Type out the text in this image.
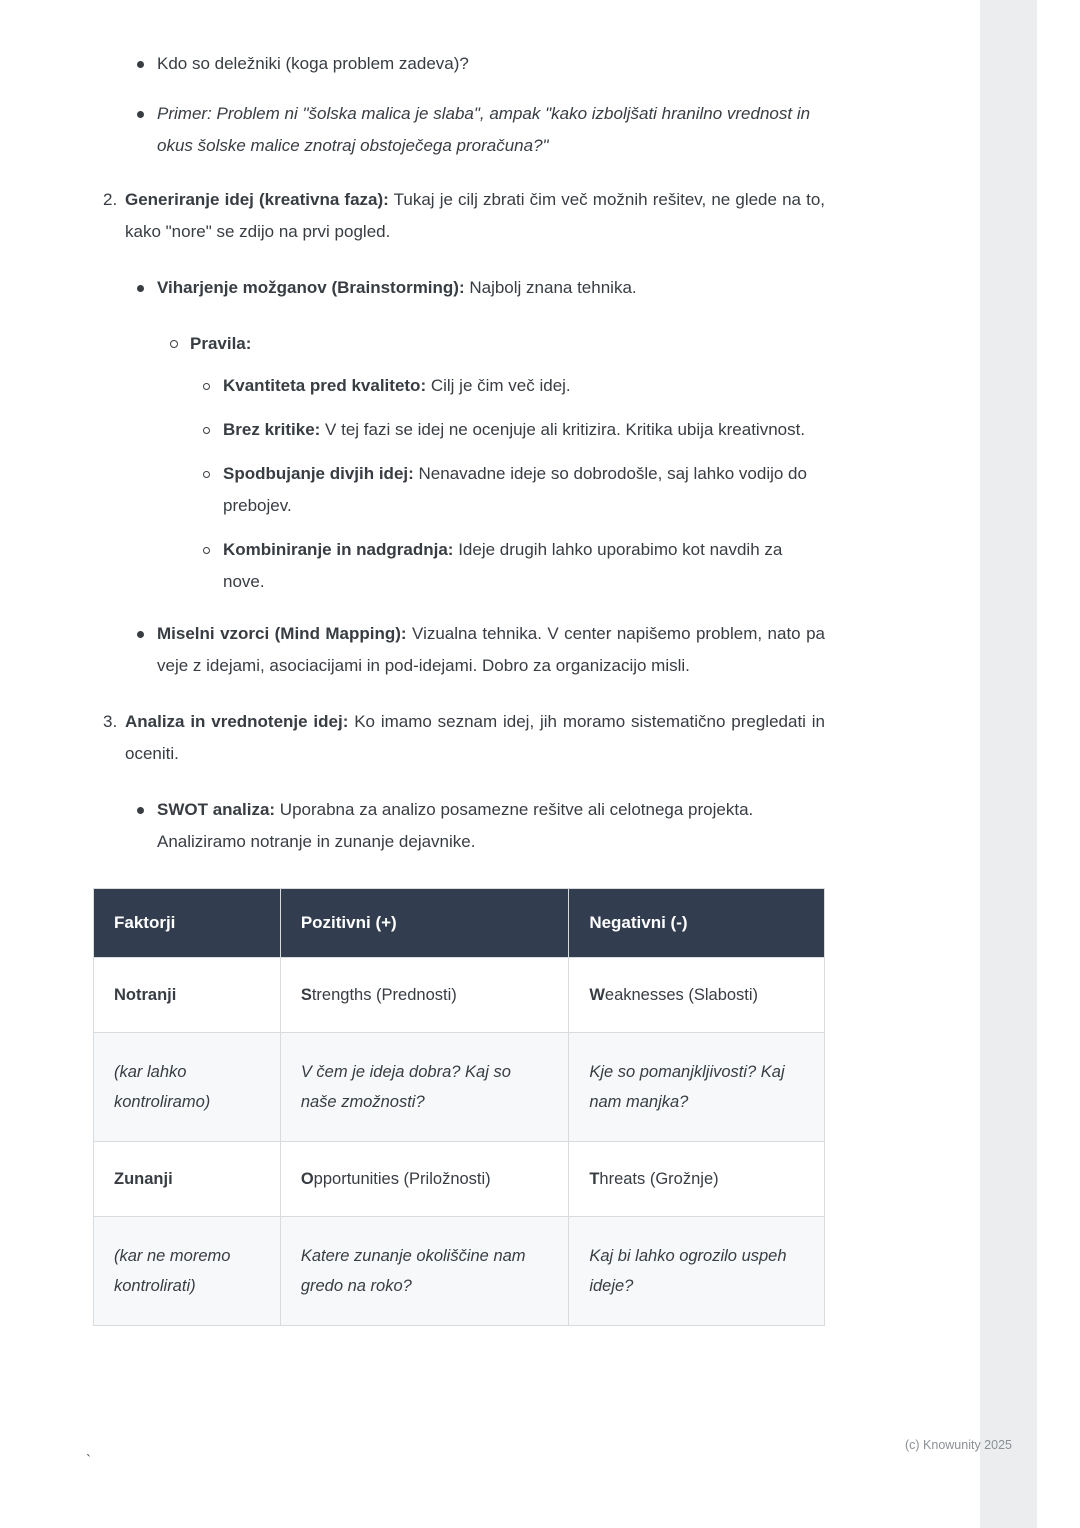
Kdo so deležniki (koga problem zadeva)?
Primer: Problem ni "šolska malica je slaba", ampak "kako izboljšati hranilno vrednost in okus šolske malice znotraj obstoječega proračuna?"
2. Generiranje idej (kreativna faza): Tukaj je cilj zbrati čim več možnih rešitev, ne glede na to, kako "nore" se zdijo na prvi pogled.
Viharjenje možganov (Brainstorming): Najbolj znana tehnika.
Pravila:
Kvantiteta pred kvaliteto: Cilj je čim več idej.
Brez kritike: V tej fazi se idej ne ocenjuje ali kritizira. Kritika ubija kreativnost.
Spodbujanje divjih idej: Nenavadne ideje so dobrodošle, saj lahko vodijo do prebojev.
Kombiniranje in nadgradnja: Ideje drugih lahko uporabimo kot navdih za nove.
Miselni vzorci (Mind Mapping): Vizualna tehnika. V center napišemo problem, nato pa veje z idejami, asociacijami in pod-idejami. Dobro za organizacijo misli.
3. Analiza in vrednotenje idej: Ko imamo seznam idej, jih moramo sistematično pregledati in oceniti.
SWOT analiza: Uporabna za analizo posamezne rešitve ali celotnega projekta. Analiziramo notranje in zunanje dejavnike.
Faktorji	Pozitivni (+)	Negativni (-)
Notranji	Strengths (Prednosti)	Weaknesses (Slabosti)
(kar lahko kontroliramo)	V čem je ideja dobra? Kaj so naše zmožnosti?	Kje so pomanjkljivosti? Kaj nam manjka?
Zunanji	Opportunities (Priložnosti)	Threats (Grožnje)
(kar ne moremo kontrolirati)	Katere zunanje okoliščine nam gredo na roko?	Kaj bi lahko ogrozilo uspeh ideje?
`
(c) Knowunity 2025
